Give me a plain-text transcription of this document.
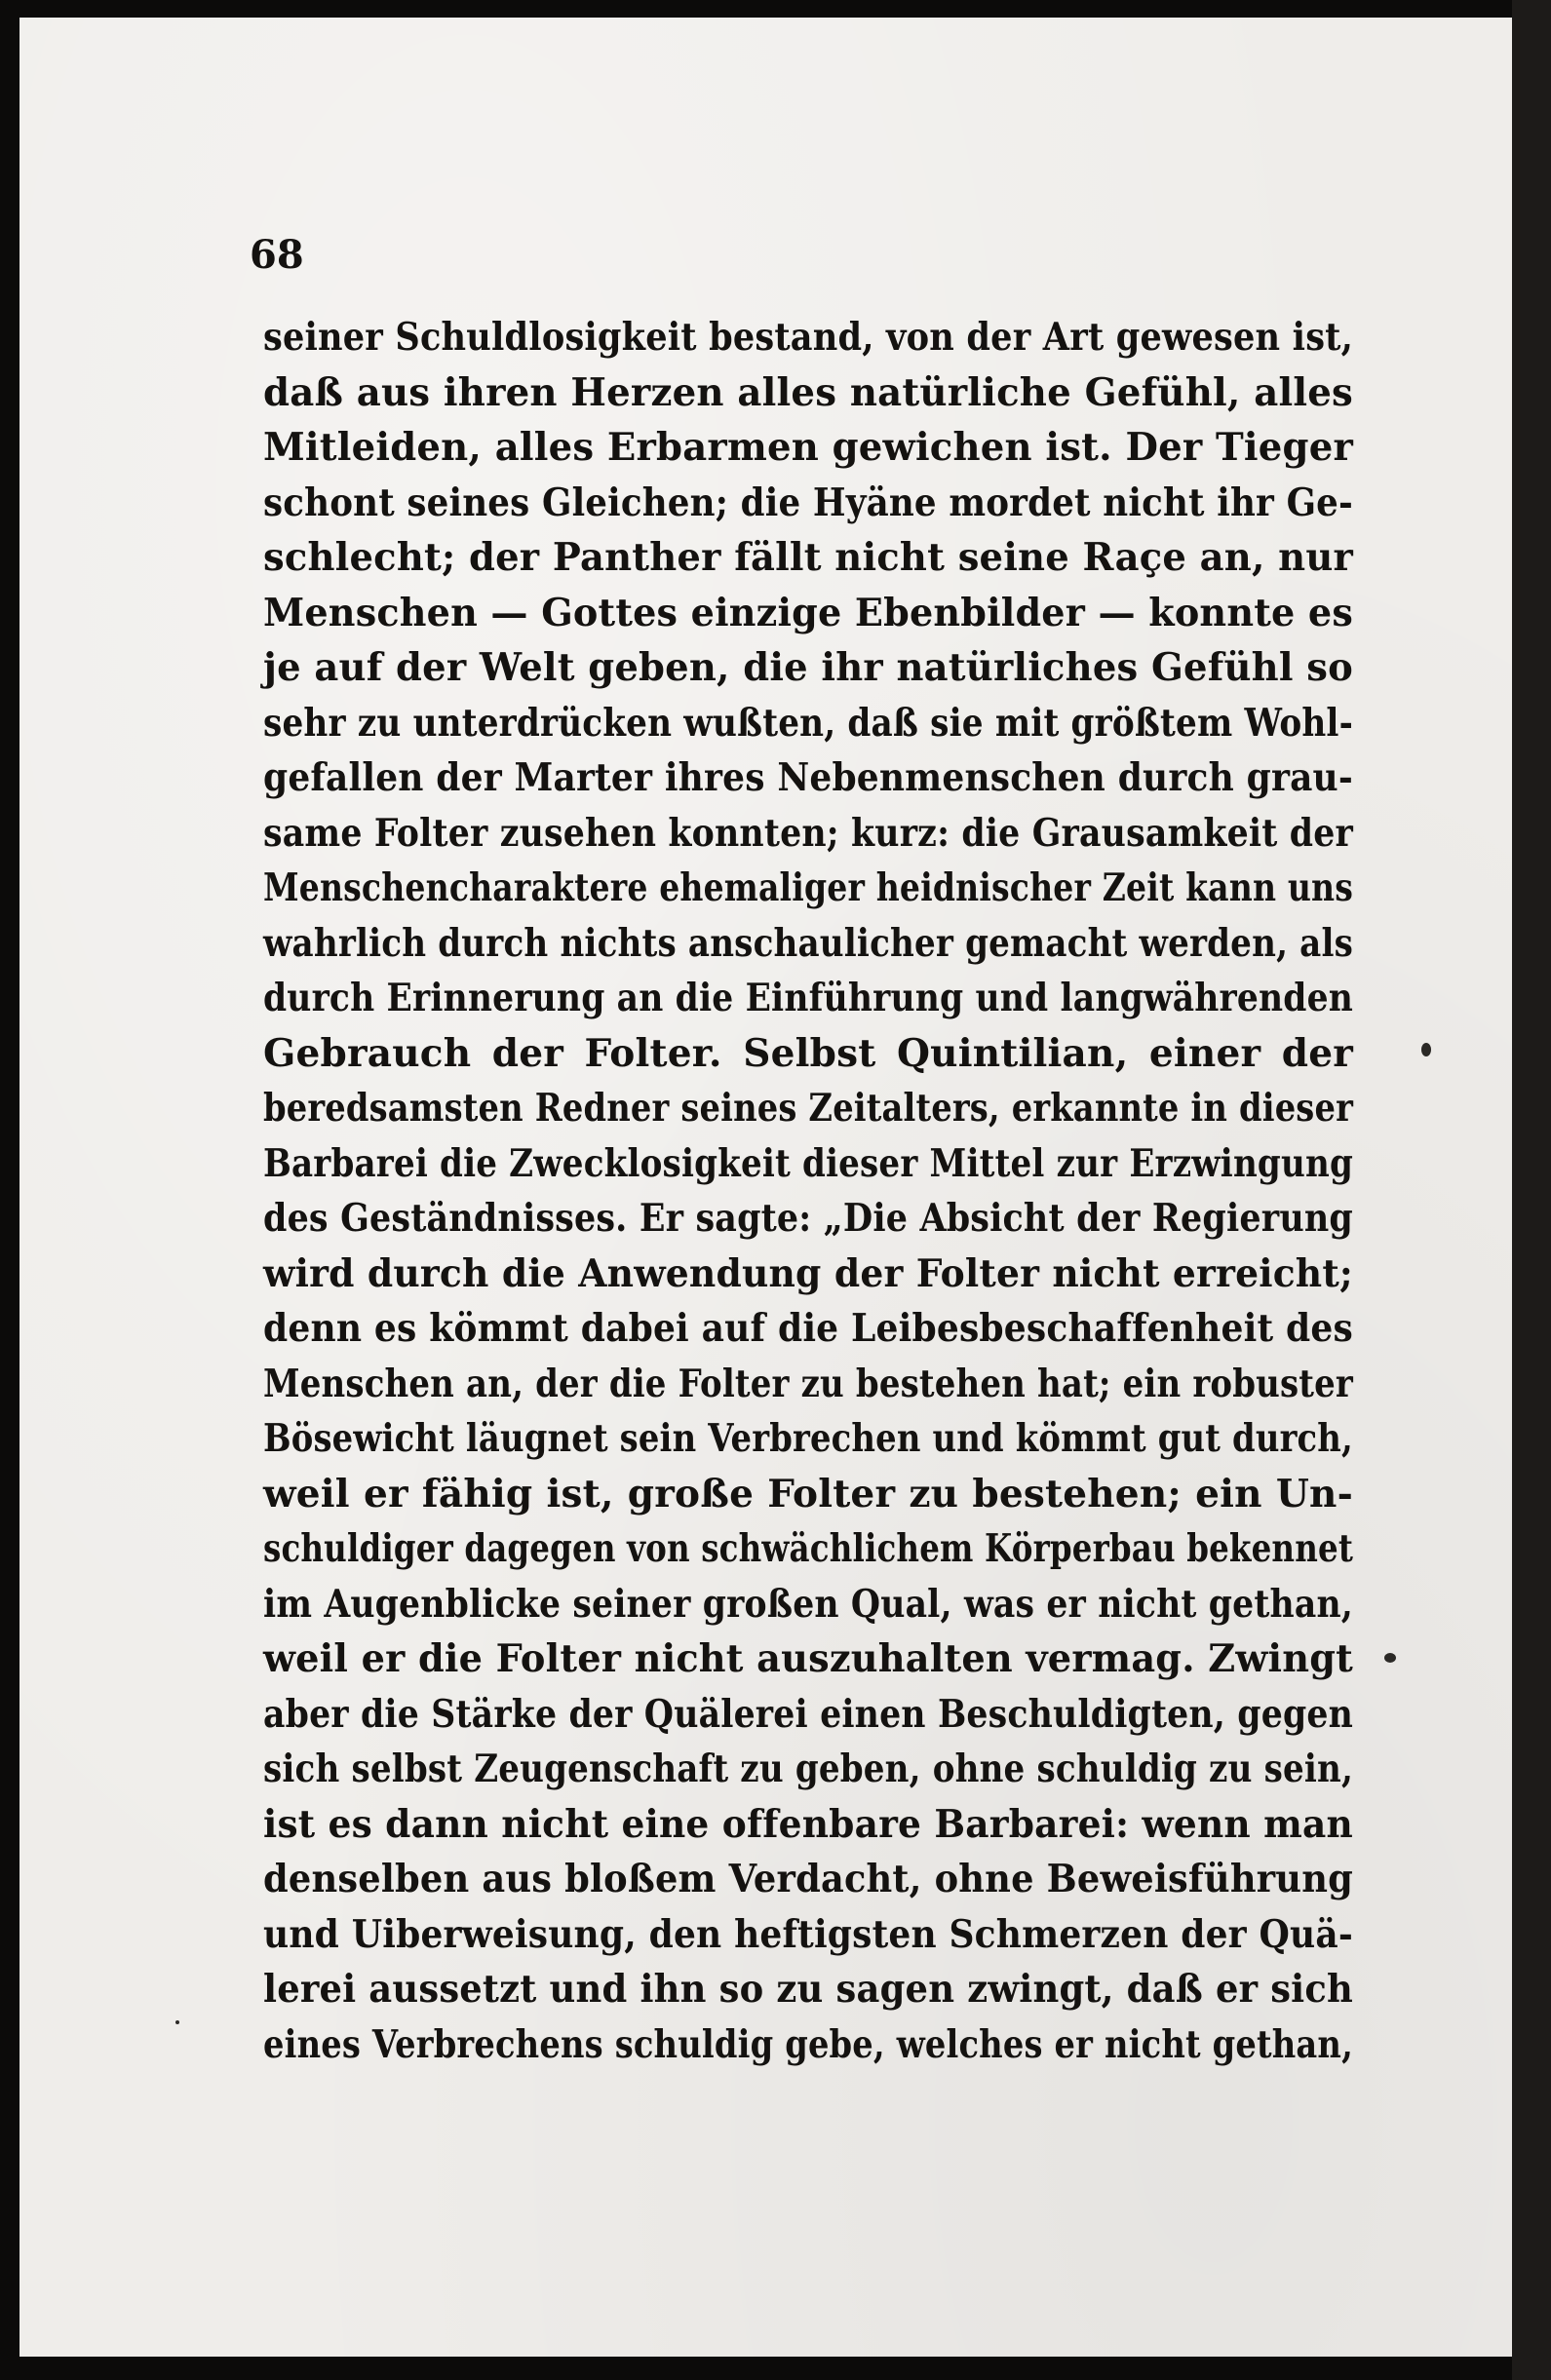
68
seiner Schuldlosigkeit bestand, von der Art gewesen ist,
daß aus ihren Herzen alles natürliche Gefühl, alles
Mitleiden, alles Erbarmen gewichen ist. Der Tieger
schont seines Gleichen; die Hyäne mordet nicht ihr Ge-
schlecht; der Panther fällt nicht seine Raçe an, nur
Menschen — Gottes einzige Ebenbilder — konnte es
je auf der Welt geben, die ihr natürliches Gefühl so
sehr zu unterdrücken wußten, daß sie mit größtem Wohl-
gefallen der Marter ihres Nebenmenschen durch grau-
same Folter zusehen konnten; kurz: die Grausamkeit der
Menschencharaktere ehemaliger heidnischer Zeit kann uns
wahrlich durch nichts anschaulicher gemacht werden, als
durch Erinnerung an die Einführung und langwährenden
Gebrauch der Folter. Selbst Quintilian, einer der
beredsamsten Redner seines Zeitalters, erkannte in dieser
Barbarei die Zwecklosigkeit dieser Mittel zur Erzwingung
des Geständnisses. Er sagte: „Die Absicht der Regierung
wird durch die Anwendung der Folter nicht erreicht;
denn es kömmt dabei auf die Leibesbeschaffenheit des
Menschen an, der die Folter zu bestehen hat; ein robuster
Bösewicht läugnet sein Verbrechen und kömmt gut durch,
weil er fähig ist, große Folter zu bestehen; ein Un-
schuldiger dagegen von schwächlichem Körperbau bekennet
im Augenblicke seiner großen Qual, was er nicht gethan,
weil er die Folter nicht auszuhalten vermag. Zwingt
aber die Stärke der Quälerei einen Beschuldigten, gegen
sich selbst Zeugenschaft zu geben, ohne schuldig zu sein,
ist es dann nicht eine offenbare Barbarei: wenn man
denselben aus bloßem Verdacht, ohne Beweisführung
und Uiberweisung, den heftigsten Schmerzen der Quä-
lerei aussetzt und ihn so zu sagen zwingt, daß er sich
eines Verbrechens schuldig gebe, welches er nicht gethan,
